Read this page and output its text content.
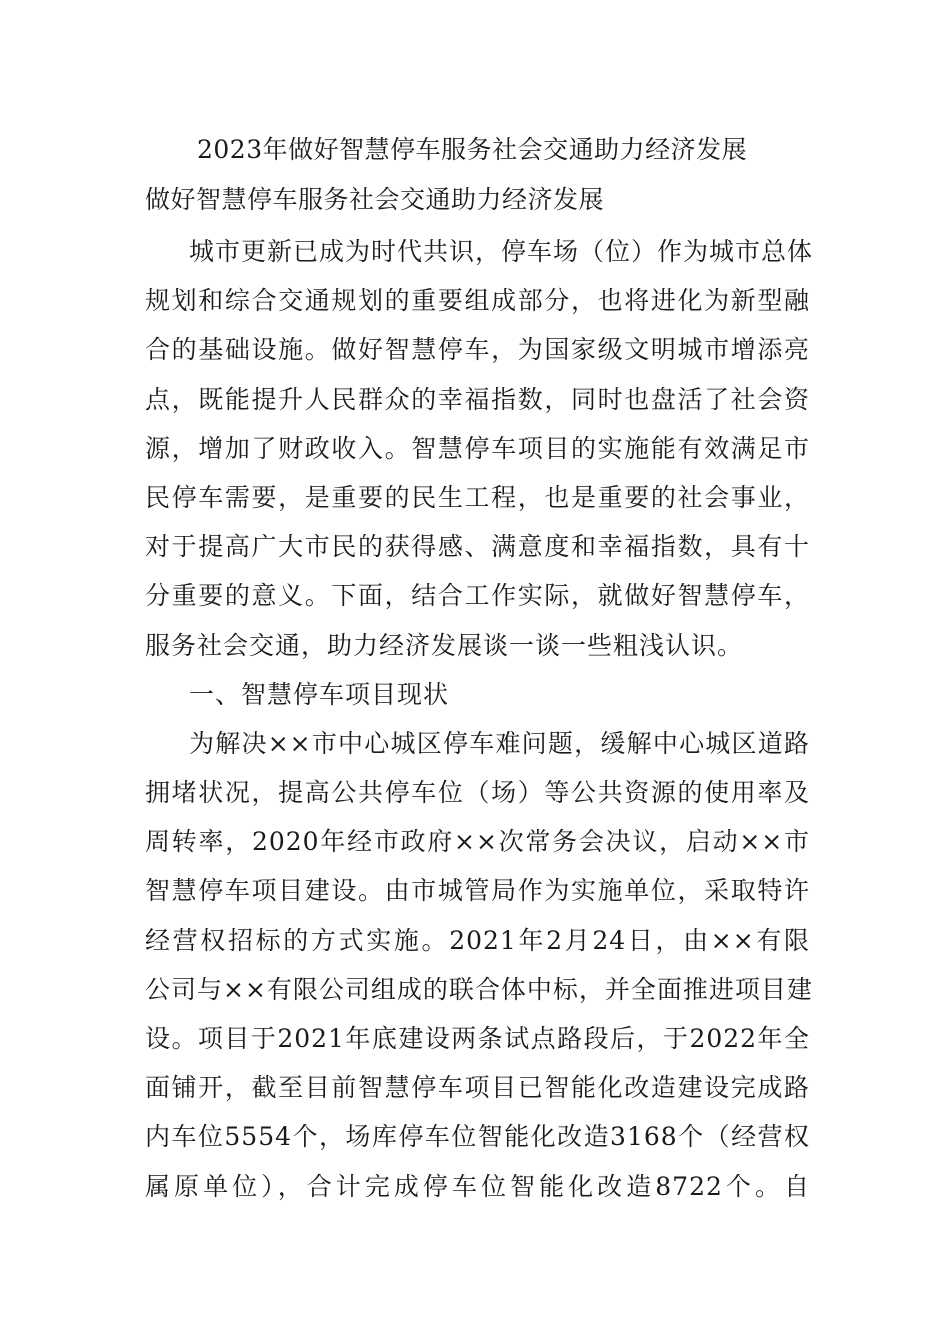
2023年做好智慧停车服务社会交通助力经济发展
做好智慧停车服务社会交通助力经济发展
城市更新已成为时代共识，停车场（位）作为城市总体
规划和综合交通规划的重要组成部分，也将进化为新型融
合的基础设施。做好智慧停车，为国家级文明城市增添亮
点，既能提升人民群众的幸福指数，同时也盘活了社会资
源，增加了财政收入。智慧停车项目的实施能有效满足市
民停车需要，是重要的民生工程，也是重要的社会事业，
对于提高广大市民的获得感、满意度和幸福指数，具有十
分重要的意义。下面，结合工作实际，就做好智慧停车，
服务社会交通，助力经济发展谈一谈一些粗浅认识。
一、智慧停车项目现状
为解决××市中心城区停车难问题，缓解中心城区道路
拥堵状况，提高公共停车位（场）等公共资源的使用率及
周转率，2020年经市政府××次常务会决议，启动××市
智慧停车项目建设。由市城管局作为实施单位，采取特许
经营权招标的方式实施。2021年2月24日，由××有限
公司与××有限公司组成的联合体中标，并全面推进项目建
设。项目于2021年底建设两条试点路段后，于2022年全
面铺开，截至目前智慧停车项目已智能化改造建设完成路
内车位5554个，场库停车位智能化改造3168个（经营权
属原单位），合计完成停车位智能化改造8722个。自
